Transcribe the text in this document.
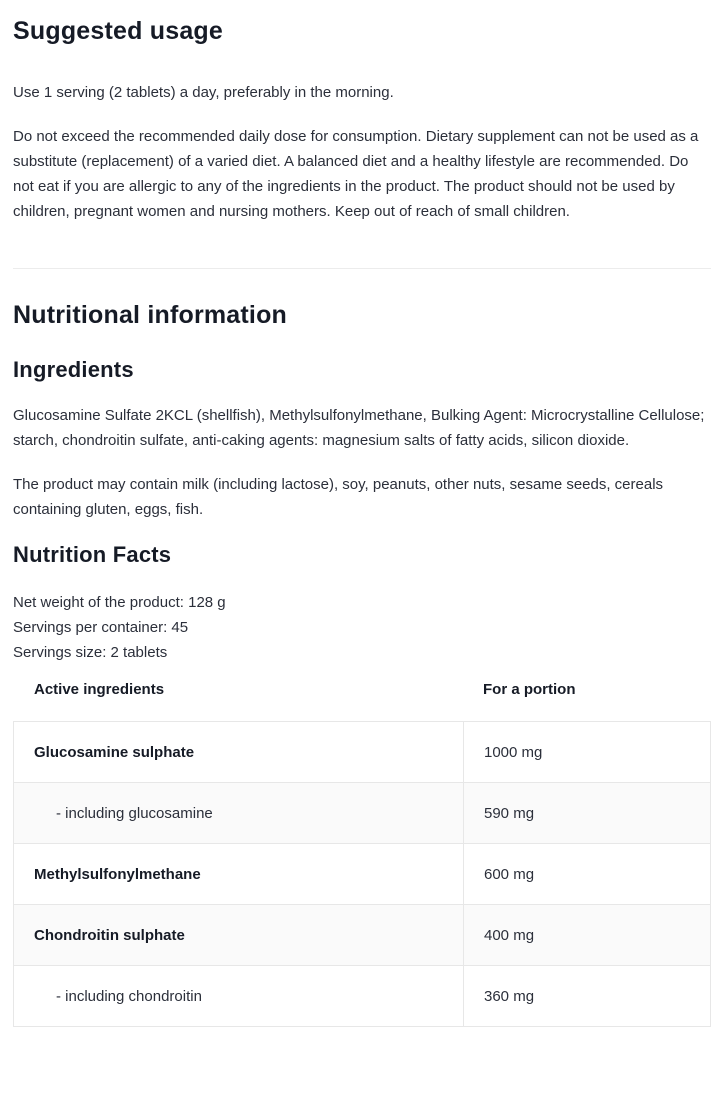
Suggested usage

Use 1 serving (2 tablets) a day, preferably in the morning.

Do not exceed the recommended daily dose for consumption. Dietary supplement can not be used as a substitute (replacement) of a varied diet. A balanced diet and a healthy lifestyle are recommended. Do not eat if you are allergic to any of the ingredients in the product. The product should not be used by children, pregnant women and nursing mothers. Keep out of reach of small children.

Nutritional information
Ingredients

Glucosamine Sulfate 2KCL (shellfish), Methylsulfonylmethane, Bulking Agent: Microcrystalline Cellulose; starch, chondroitin sulfate, anti-caking agents: magnesium salts of fatty acids, silicon dioxide.

The product may contain milk (including lactose), soy, peanuts, other nuts, sesame seeds, cereals containing gluten, eggs, fish.

Nutrition Facts

Net weight of the product: 128 g

Servings per container: 45

Servings size: 2 tablets

Active ingredients	For a portion
Glucosamine sulphate	1000 mg
- including glucosamine	590 mg
Methylsulfonylmethane	600 mg
Chondroitin sulphate	400 mg
- including chondroitin	360 mg
